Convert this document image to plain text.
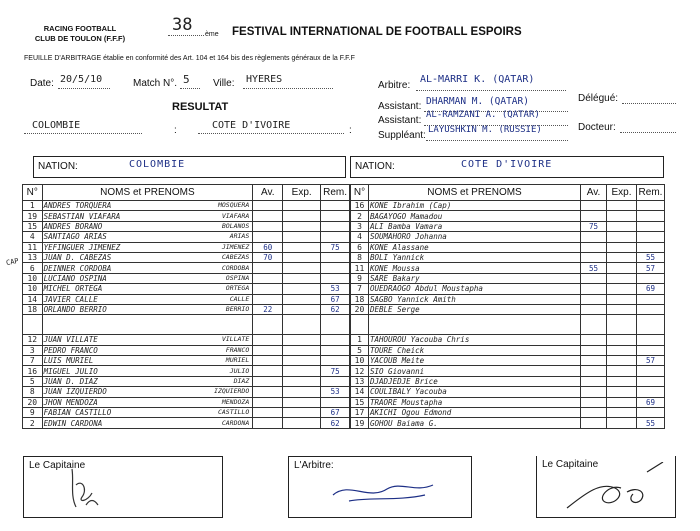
RACING FOOTBALL
CLUB DE TOULON (F.F.F)
38 ème FESTIVAL INTERNATIONAL DE FOOTBALL ESPOIRS
FEUILLE D'ARBITRAGE établie en conformité des Art. 104 et 164 bis des règlements généraux de la F.F.F
Date: 20/5/10	Match N°. 5 Ville: HYERES
RESULTAT
COLOMBIE	:	COTE D'IVOIRE	:
Arbitre:
AL-MARRI K. (QATAR)
Délégué:
Assistant: DHARMAN M. (QATAR)
Assistant: AL-RAMZANI A. (QATAR)
Docteur:
Suppléant: LAYUSHKIN M. (RUSSIE)
NATION:	COLOMBIE	NATION:	COTE D'IVOIRE
CAP
N°	NOMS et PRENOMS	Av.	Exp.	Rem.
1	ANDRES TORQUERA MOSQUERA			

19	SEBASTIAN VIAFARA VIAFARA			

15	ANDRES BORANO BOLANOS			

4	SANTIAGO ARIAS ARIAS			

11	YEFINGUER JIMENEZ JIMENEZ	60		75
13	JUAN D. CABEZAS CABEZAS	70		
6	DEINNER CORDOBA CORDOBA			

10	LUCIANO OSPINA OSPINA			

10	MICHEL ORTEGA ORTEGA			53
14	JAVIER CALLE CALLE			67
18	ORLANDO BERRIO BERRIO	22		62

12	JUAN VILLATE VILLATE			

3	PEDRO FRANCO FRANCO			

7	LUIS MURIEL MURIEL			

16	MIGUEL JULIO JULIO			75
5	JUAN D. DIAZ DIAZ			

8	JUAN IZQUIERDO IZQUIERDO			53
20	JHON MENDOZA MENDOZA			

9	FABIAN CASTILLO CASTILLO			67
2	EDWIN CARDONA CARDONA			62
N°	NOMS et PRENOMS	Av.	Exp.	Rem.
16	KONE Ibrahim (Cap)			
2	BAGAYOGO Mamadou			
3	ALI Bamba Vamara	75		
4	SOUMAHORO Johanna			
6	KONE Alassane			
8	BOLI Yannick			55
11	KONE Moussa	55		57
9	SARE Bakary			
7	OUEDRAOGO Abdul Moustapha			69
18	SAGBO Yannick Amith			
20	DEBLE Serge			

1	TAHOUROU Yacouba Chris			
5	TOURE Cheick			
10	YACOUB Meite			57
12	SIO Giovanni			
13	DJADJEDJE Brice			
14	COULIBALY Yacouba			
15	TRAORE Moustapha			69
17	AKICHI Ogou Edmond			
19	GOHOU Baiama G.			55
Le Capitaine	L'Arbitre:	Le Capitaine
